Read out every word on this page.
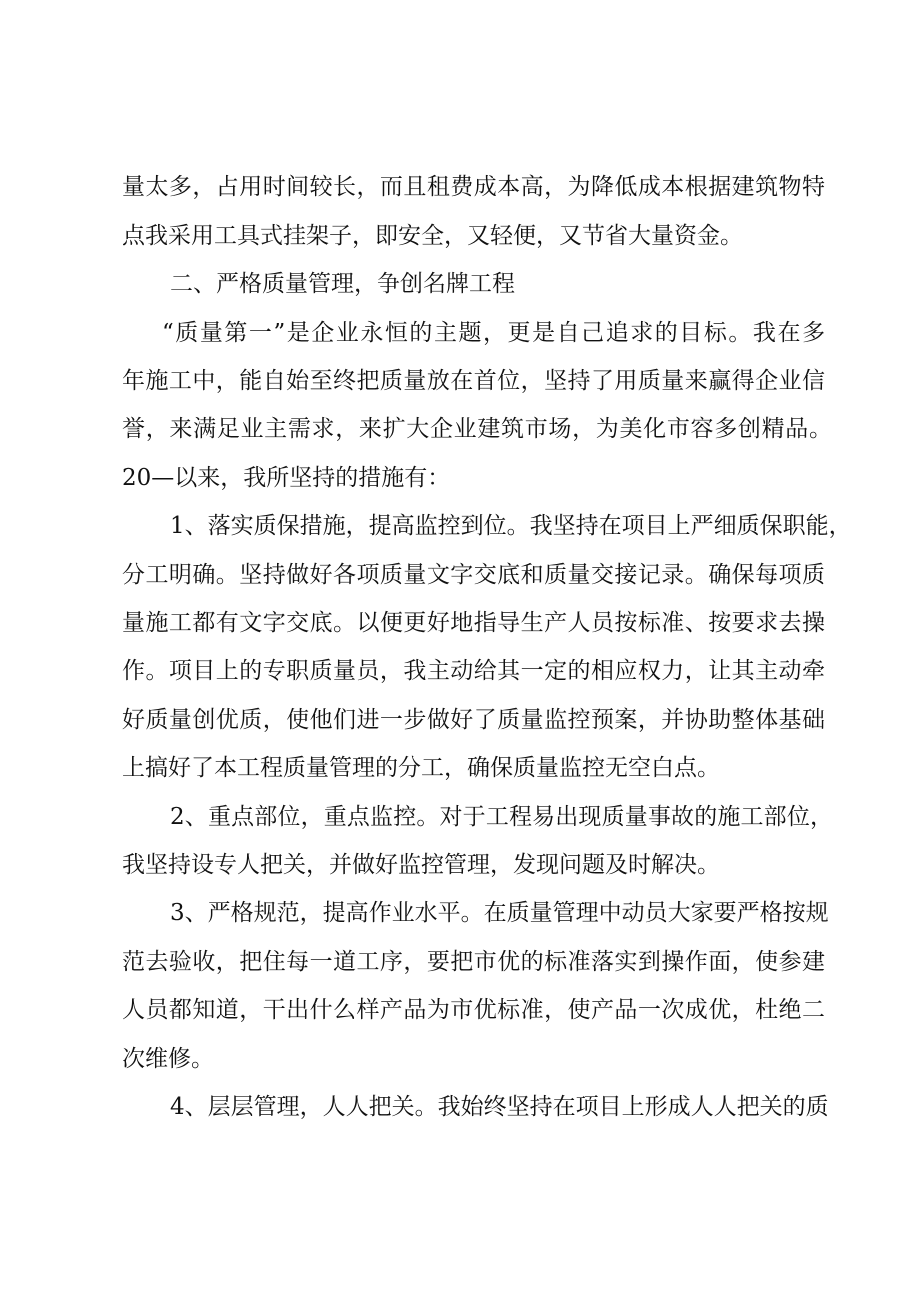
量太多，占用时间较长，而且租费成本高，为降低成本根据建筑物特

点我采用工具式挂架子，即安全，又轻便，又节省大量资金。

二、严格质量管理，争创名牌工程

“质量第一”是企业永恒的主题，更是自己追求的目标。我在多

年施工中，能自始至终把质量放在首位，坚持了用质量来赢得企业信

誉，来满足业主需求，来扩大企业建筑市场，为美化市容多创精品。

20—以来，我所坚持的措施有：

1、落实质保措施，提高监控到位。我坚持在项目上严细质保职能，

分工明确。坚持做好各项质量文字交底和质量交接记录。确保每项质

量施工都有文字交底。以便更好地指导生产人员按标准、按要求去操

作。项目上的专职质量员，我主动给其一定的相应权力，让其主动牵

好质量创优质，使他们进一步做好了质量监控预案，并协助整体基础

上搞好了本工程质量管理的分工，确保质量监控无空白点。

2、重点部位，重点监控。对于工程易出现质量事故的施工部位，

我坚持设专人把关，并做好监控管理，发现问题及时解决。

3、严格规范，提高作业水平。在质量管理中动员大家要严格按规

范去验收，把住每一道工序，要把市优的标准落实到操作面，使参建

人员都知道，干出什么样产品为市优标准，使产品一次成优，杜绝二

次维修。

4、层层管理，人人把关。我始终坚持在项目上形成人人把关的质
